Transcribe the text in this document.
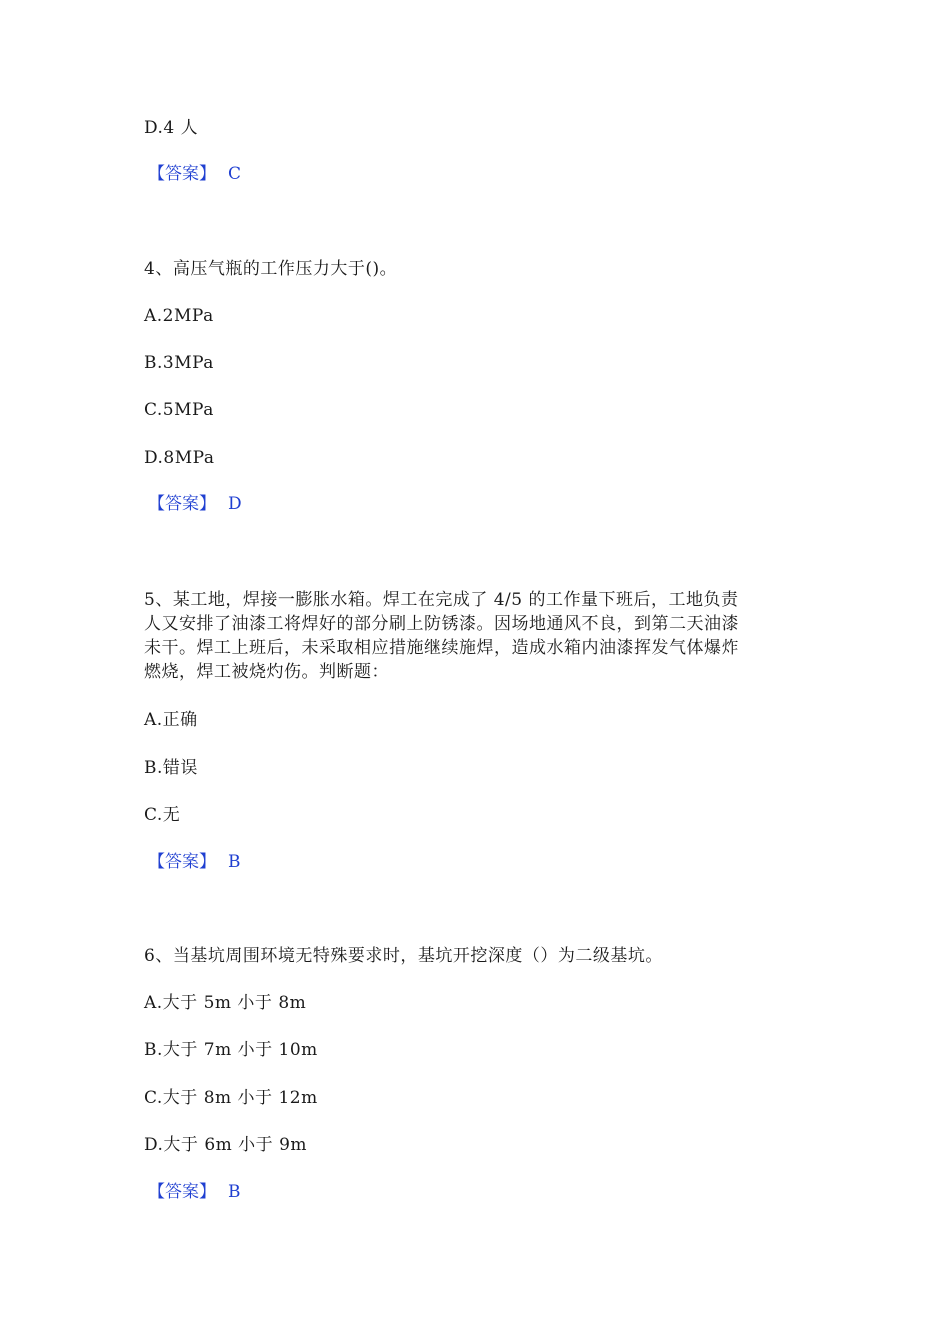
D.4 人
【答案】 C
4、高压气瓶的工作压力大于()。
A.2MPa
B.3MPa
C.5MPa
D.8MPa
【答案】 D
5、某工地，焊接一膨胀水箱。焊工在完成了 4/5 的工作量下班后，工地负责
人又安排了油漆工将焊好的部分刷上防锈漆。因场地通风不良，到第二天油漆
未干。焊工上班后，未采取相应措施继续施焊，造成水箱内油漆挥发气体爆炸
燃烧，焊工被烧灼伤。判断题：
A.正确
B.错误
C.无
【答案】 B
6、当基坑周围环境无特殊要求时，基坑开挖深度（）为二级基坑。
A.大于 5m 小于 8m
B.大于 7m 小于 10m
C.大于 8m 小于 12m
D.大于 6m 小于 9m
【答案】 B
